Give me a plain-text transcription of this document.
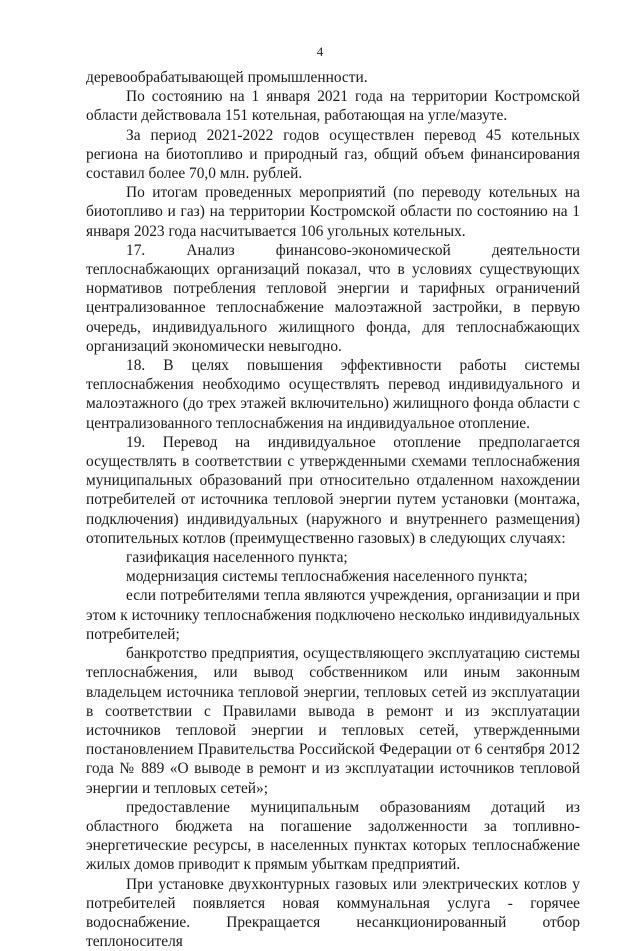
4

деревообрабатывающей промышленности.

По состоянию на 1 января 2021 года на территории Костромской области действовала 151 котельная, работающая на угле/мазуте.

За период 2021-2022 годов осуществлен перевод 45 котельных региона на биотопливо и природный газ, общий объем финансирования составил более 70,0 млн. рублей.

По итогам проведенных мероприятий (по переводу котельных на биотопливо и газ) на территории Костромской области по состоянию на 1 января 2023 года насчитывается 106 угольных котельных.

17. Анализ финансово-экономической деятельности теплоснабжающих организаций показал, что в условиях существующих нормативов потребления тепловой энергии и тарифных ограничений централизованное теплоснабжение малоэтажной застройки, в первую очередь, индивидуального жилищного фонда, для теплоснабжающих организаций экономически невыгодно.

18. В целях повышения эффективности работы системы теплоснабжения необходимо осуществлять перевод индивидуального и малоэтажного (до трех этажей включительно) жилищного фонда области с централизованного теплоснабжения на индивидуальное отопление.

19. Перевод на индивидуальное отопление предполагается осуществлять в соответствии с утвержденными схемами теплоснабжения муниципальных образований при относительно отдаленном нахождении потребителей от источника тепловой энергии путем установки (монтажа, подключения) индивидуальных (наружного и внутреннего размещения) отопительных котлов (преимущественно газовых) в следующих случаях:

газификация населенного пункта;

модернизация системы теплоснабжения населенного пункта;

если потребителями тепла являются учреждения, организации и при этом к источнику теплоснабжения подключено несколько индивидуальных потребителей;

банкротство предприятия, осуществляющего эксплуатацию системы теплоснабжения, или вывод собственником или иным законным владельцем источника тепловой энергии, тепловых сетей из эксплуатации в соответствии с Правилами вывода в ремонт и из эксплуатации источников тепловой энергии и тепловых сетей, утвержденными постановлением Правительства Российской Федерации от 6 сентября 2012 года № 889 «О выводе в ремонт и из эксплуатации источников тепловой энергии и тепловых сетей»;

предоставление муниципальным образованиям дотаций из областного бюджета на погашение задолженности за топливно-энергетические ресурсы, в населенных пунктах которых теплоснабжение жилых домов приводит к прямым убыткам предприятий.

При установке двухконтурных газовых или электрических котлов у потребителей появляется новая коммунальная услуга - горячее водоснабжение. Прекращается несанкционированный отбор теплоносителя
